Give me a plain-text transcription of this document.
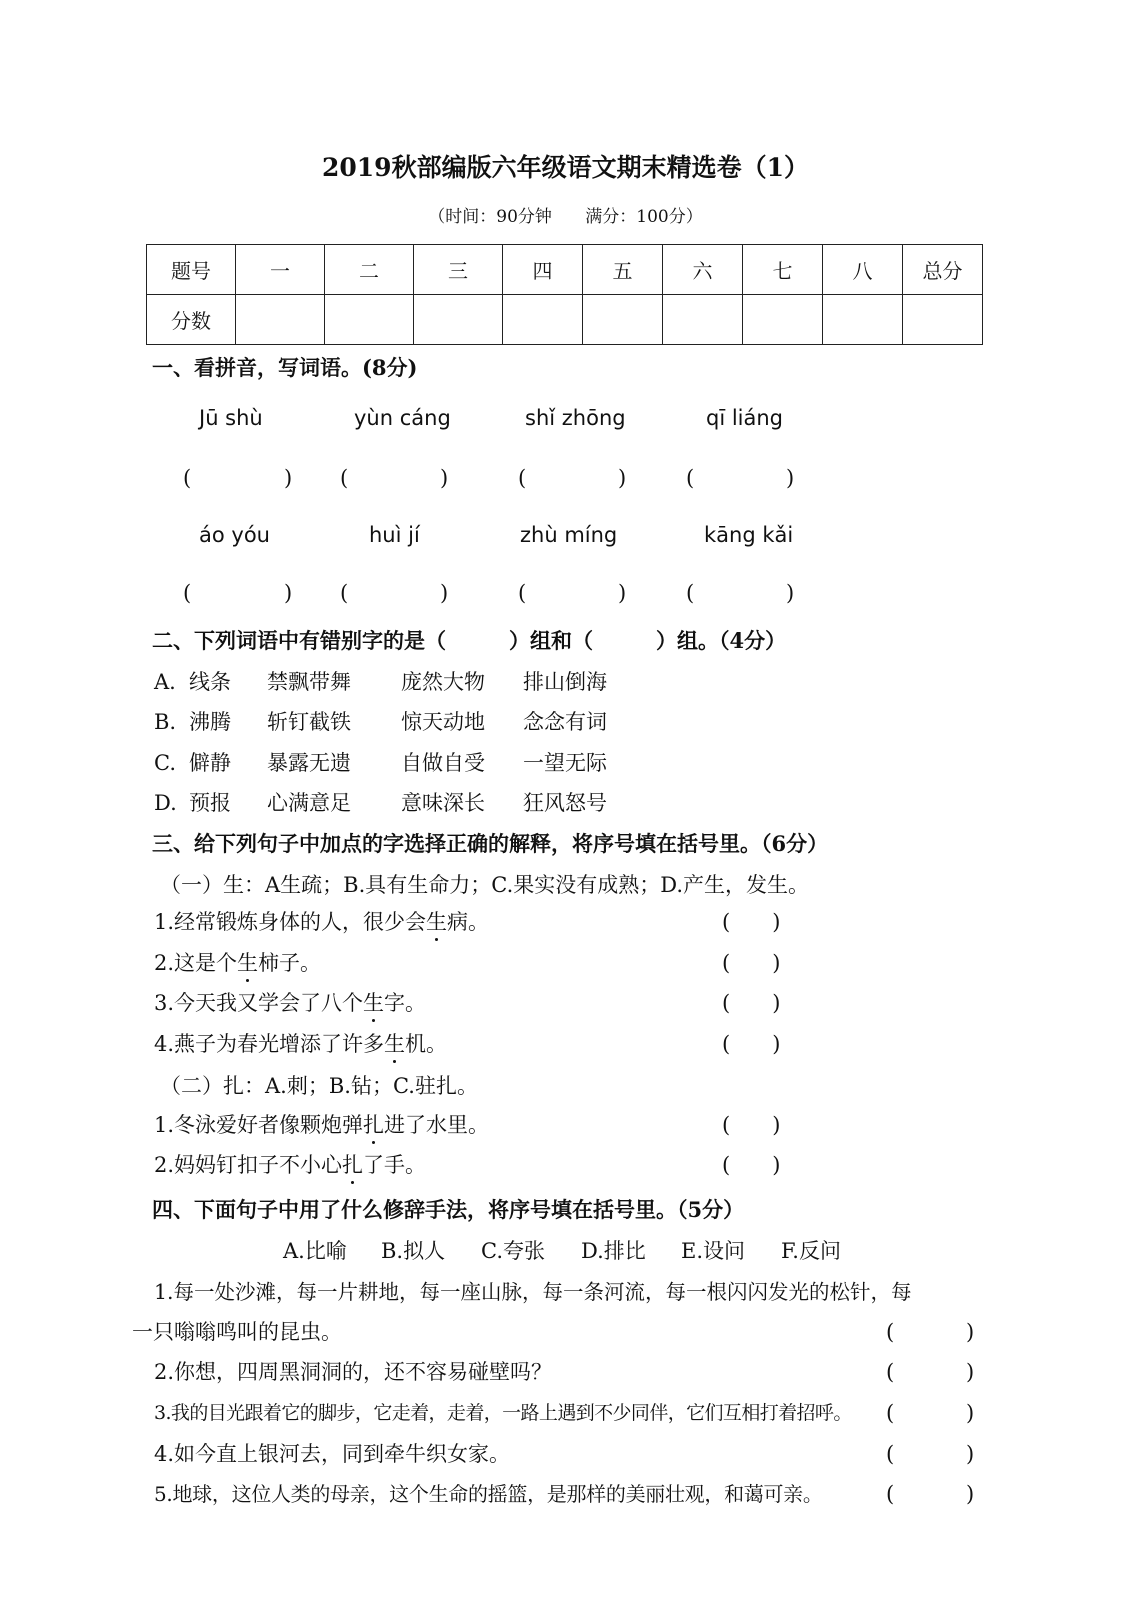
2019秋部编版六年级语文期末精选卷（1）
（时间：90分钟 满分：100分）
题号	一	二	三	四	五	六	七	八	总分
分数									
一、看拼音，写词语。(8分)
Jū shù	yùn cáng	shǐ zhōng	qī liáng
(	) (	)	(	)	(	)
áo yóu	huì jí	zhù míng	kāng kǎi
(	) (	)	(	)	(	)
二、下列词语中有错别字的是（　　　）组和（　　　）组。（4分）
A. 线条 禁飘带舞 庞然大物 排山倒海
B. 沸腾 斩钉截铁 惊天动地 念念有词
C. 僻静 暴露无遗 自做自受 一望无际
D. 预报 心满意足 意味深长 狂风怒号
三、给下列句子中加点的字选择正确的解释，将序号填在括号里。（6分）
（一）生：A生疏；B.具有生命力；C.果实没有成熟；D.产生，发生。
1.经常锻炼身体的人，很少会生病。	(　　)
2.这是个生柿子。	(　　)
3.今天我又学会了八个生字。	(　　)
4.燕子为春光增添了许多生机。	(　　)
（二）扎：A.刺；B.钻；C.驻扎。
1.冬泳爱好者像颗炮弹扎进了水里。	(　　)
2.妈妈钉扣子不小心扎了手。	(　　)
四、下面句子中用了什么修辞手法，将序号填在括号里。（5分）
A.比喻 B.拟人 C.夸张 D.排比 E.设问 F.反问
1.每一处沙滩，每一片耕地，每一座山脉，每一条河流，每一根闪闪发光的松针，每
一只嗡嗡鸣叫的昆虫。	(	)
2.你想，四周黑洞洞的，还不容易碰壁吗？	(	)
3.我的目光跟着它的脚步，它走着，走着，一路上遇到不少同伴，它们互相打着招呼。 (	)
4.如今直上银河去，同到牵牛织女家。	(	)
5.地球，这位人类的母亲，这个生命的摇篮，是那样的美丽壮观，和蔼可亲。	(	)
